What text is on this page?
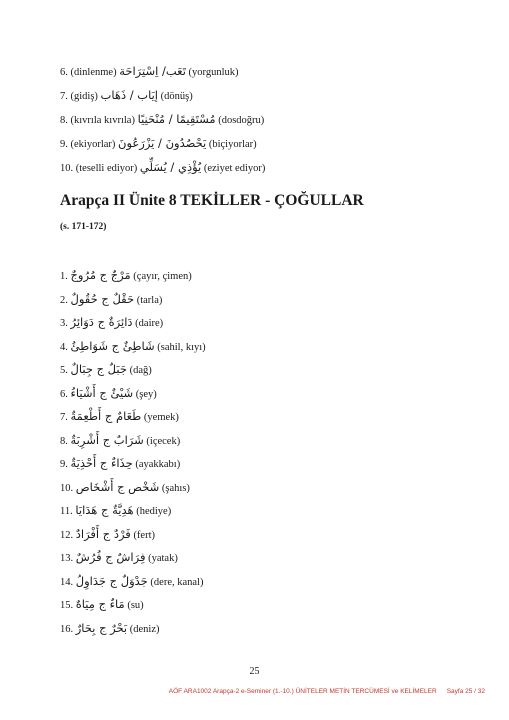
6. (dinlenme) تَعَب/ اِسْتِرَاحَة (yorgunluk)
7. (gidiş) إيَاب / ذَهَاب (dönüş)
8. (kıvrıla kıvrıla) مُسْتَقِيمًا / مُنْحَنِيًا (dosdoğru)
9. (ekiyorlar) يَحْصُدُونَ / يَزْرَعُونَ (biçiyorlar)
10. (teselli ediyor) يُؤْذِي / يُسَلِّي (eziyet ediyor)
Arapça II Ünite 8 TEKİLLER - ÇOĞULLAR
(s. 171-172)
1. مَرْجٌ ج مُرُوجٌ (çayır, çimen)
2. حَقْلٌ ج حُقُولٌ (tarla)
3. دَائِرَةٌ ج دَوَائِرُ (daire)
4. شَاطِئٌ ج شَوَاطِئُ (sahil, kıyı)
5. جَبَلٌ ج جِبَالٌ (dağ)
6. شَيْئٌ ج أَشْيَاءُ (şey)
7. طَعَامٌ ج أَطْعِمَةٌ (yemek)
8. شَرَابٌ ج أَشْرِبَةٌ (içecek)
9. حِذَاءٌ ج أَحْذِيَةٌ (ayakkabı)
10. شَخْص ج أَشْخَاص (şahıs)
11. هَدِيَّةٌ ج هَدَايَا (hediye)
12. فَرْدٌ ج أَفْرَادٌ (fert)
13. فِرَاشٌ ج فُرُشٌ (yatak)
14. جَدْوَلٌ ج جَدَاوِلُ (dere, kanal)
15. مَاءٌ ج مِيَاهٌ (su)
16. بَحْرٌ ج بِحَارٌ (deniz)
25
AÖF ARA1002 Arapça-2 e-Seminer (1.-10.) ÜNİTELER METİN TERCÜMESİ ve KELİMELER Sayfa 25 / 32
